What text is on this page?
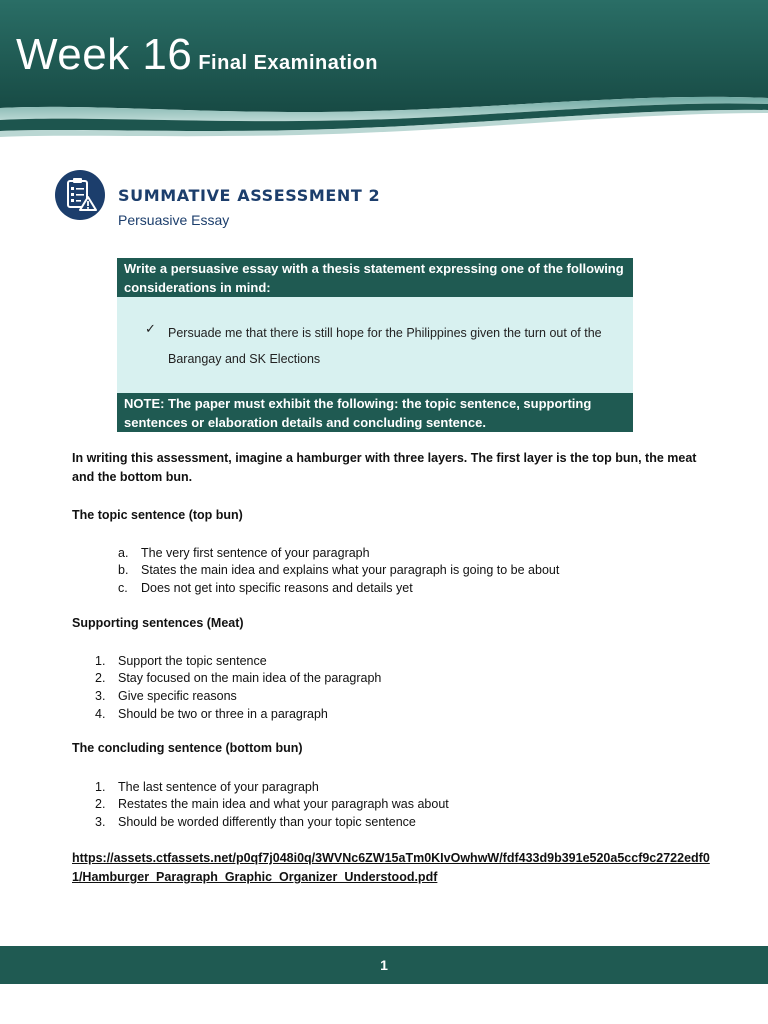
Week 16 Final Examination
SUMMATIVE ASSESSMENT 2
Persuasive Essay
Write a persuasive essay with a thesis statement expressing one of the following considerations in mind:
✓ Persuade me that there is still hope for the Philippines given the turn out of the Barangay and SK Elections
NOTE: The paper must exhibit the following: the topic sentence, supporting sentences or elaboration details and concluding sentence.
In writing this assessment, imagine a hamburger with three layers. The first layer is the top bun, the meat and the bottom bun.
The topic sentence (top bun)
a. The very first sentence of your paragraph
b. States the main idea and explains what your paragraph is going to be about
c. Does not get into specific reasons and details yet
Supporting sentences (Meat)
1. Support the topic sentence
2. Stay focused on the main idea of the paragraph
3. Give specific reasons
4. Should be two or three in a paragraph
The concluding sentence (bottom bun)
1. The last sentence of your paragraph
2. Restates the main idea and what your paragraph was about
3. Should be worded differently than your topic sentence
https://assets.ctfassets.net/p0qf7j048i0q/3WVNc6ZW15aTm0KIvOwhwW/fdf433d9b391e520a5ccf9c2722edf01/Hamburger_Paragraph_Graphic_Organizer_Understood.pdf
1
